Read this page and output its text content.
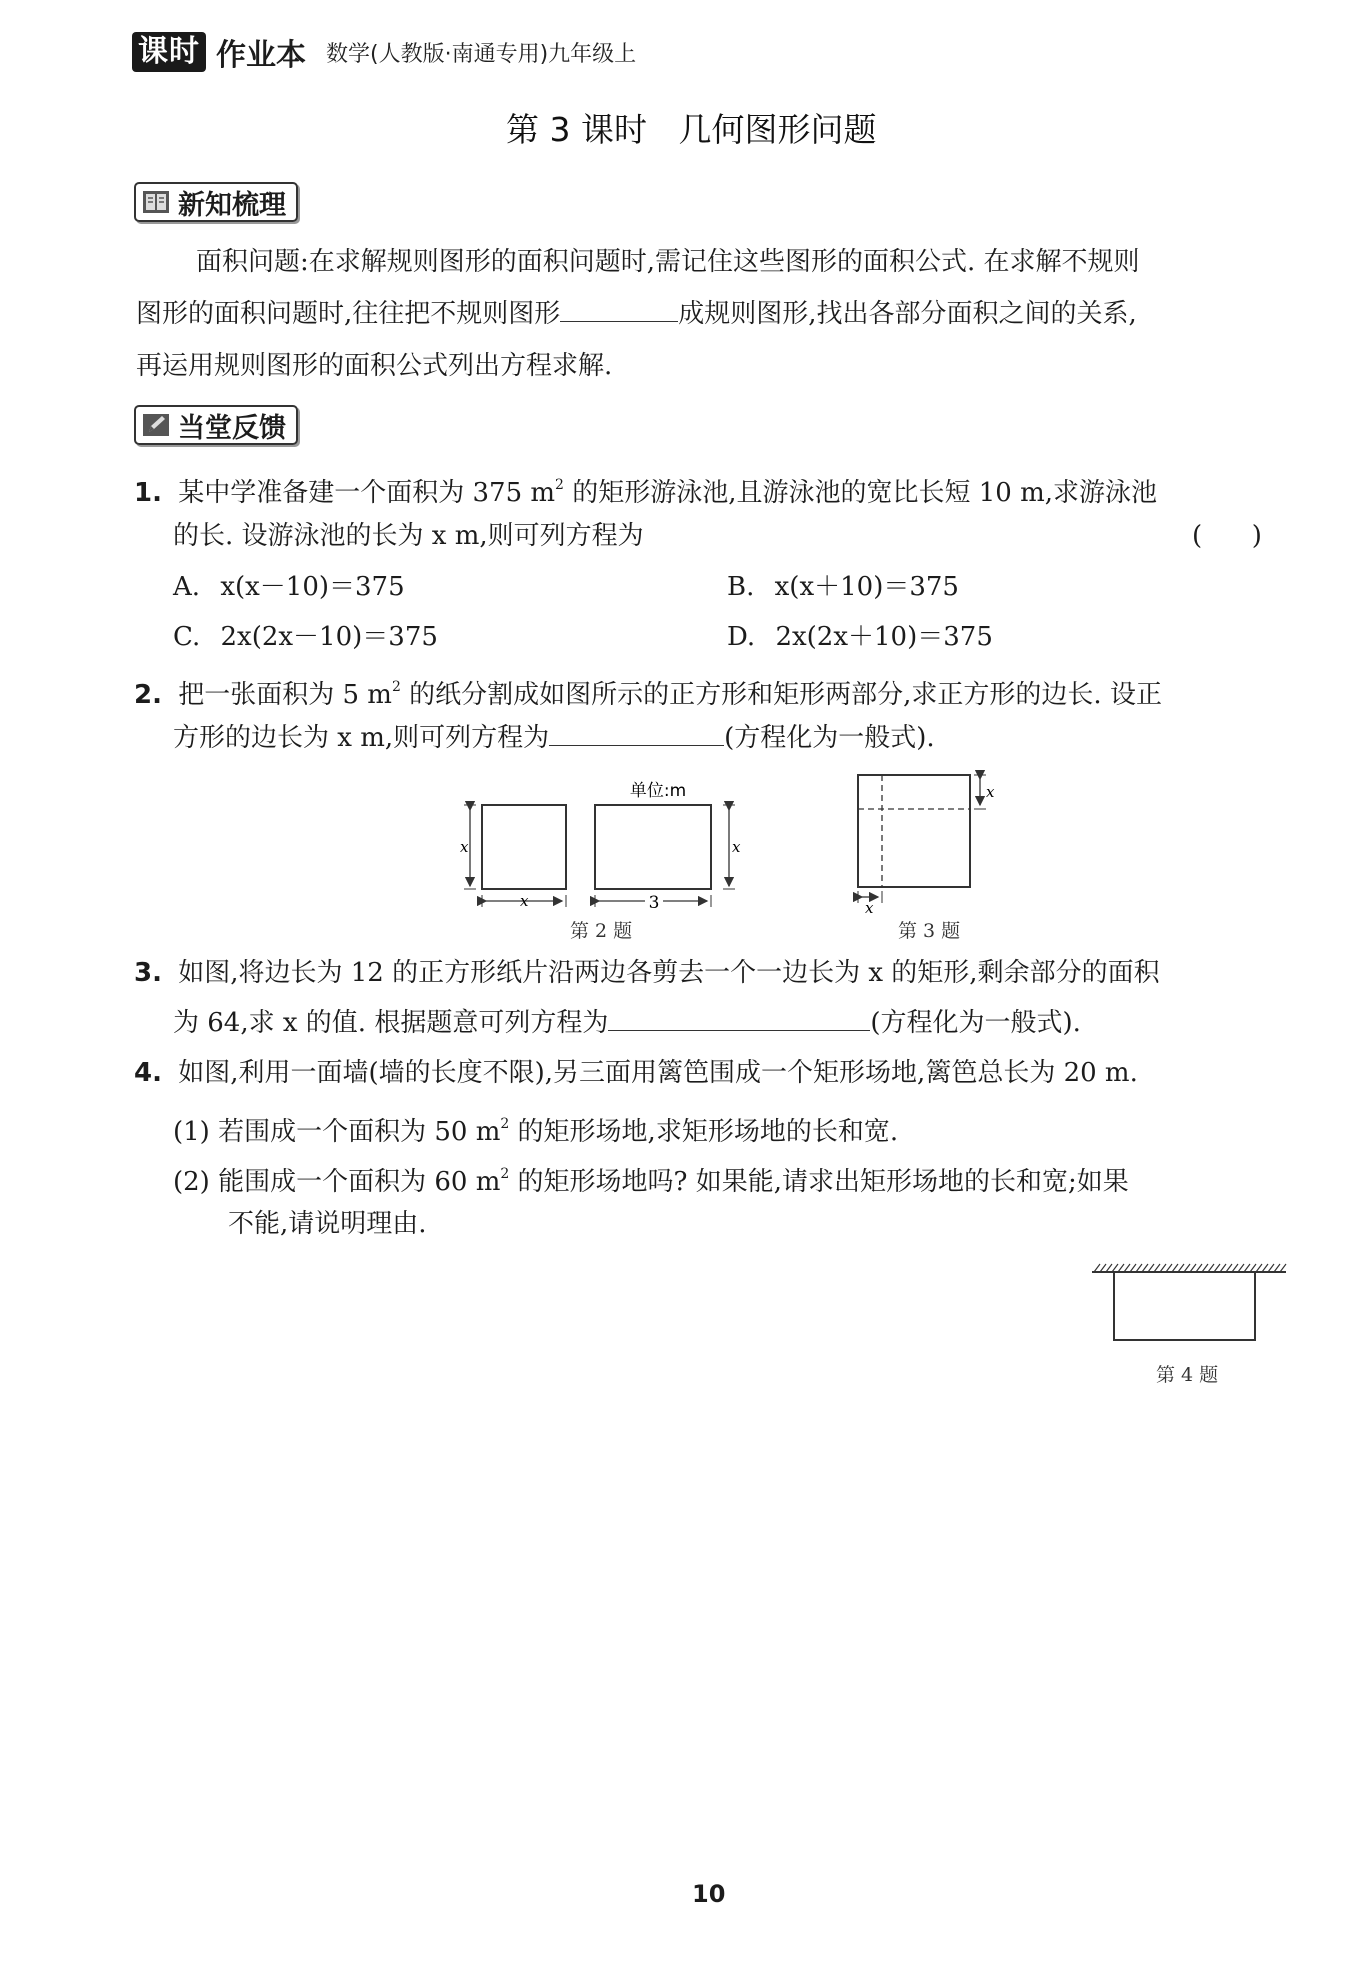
课时 作业本 数学(人教版·南通专用)九年级上
第 3 课时   几何图形问题
新知梳理
面积问题:在求解规则图形的面积问题时,需记住这些图形的面积公式. 在求解不规则
图形的面积问题时,往往把不规则图形	成规则图形,找出各部分面积之间的关系,
再运用规则图形的面积公式列出方程求解.
当堂反馈
1. 某中学准备建一个面积为 375 $m^2$ 的矩形游泳池,且游泳池的宽比长短 10 m,求游泳池
的长. 设游泳池的长为 x m,则可列方程为	(      )
A. x(x－10)＝375	B. x(x＋10)＝375
C. 2x(2x－10)＝375	D. 2x(2x＋10)＝375
2. 把一张面积为 5 $m^2$ 的纸分割成如图所示的正方形和矩形两部分,求正方形的边长. 设正
方形的边长为 x m,则可列方程为	(方程化为一般式).
x
x
单位:m
x
3
第 2 题
x
x
第 3 题
3. 如图,将边长为 12 的正方形纸片沿两边各剪去一个一边长为 x 的矩形,剩余部分的面积
为 64,求 x 的值. 根据题意可列方程为	(方程化为一般式).
4. 如图,利用一面墙(墙的长度不限),另三面用篱笆围成一个矩形场地,篱笆总长为 20 m.
(1) 若围成一个面积为 50 $m^2$ 的矩形场地,求矩形场地的长和宽.
(2) 能围成一个面积为 60 $m^2$ 的矩形场地吗? 如果能,请求出矩形场地的长和宽;如果
不能,请说明理由.
第 4 题
10
